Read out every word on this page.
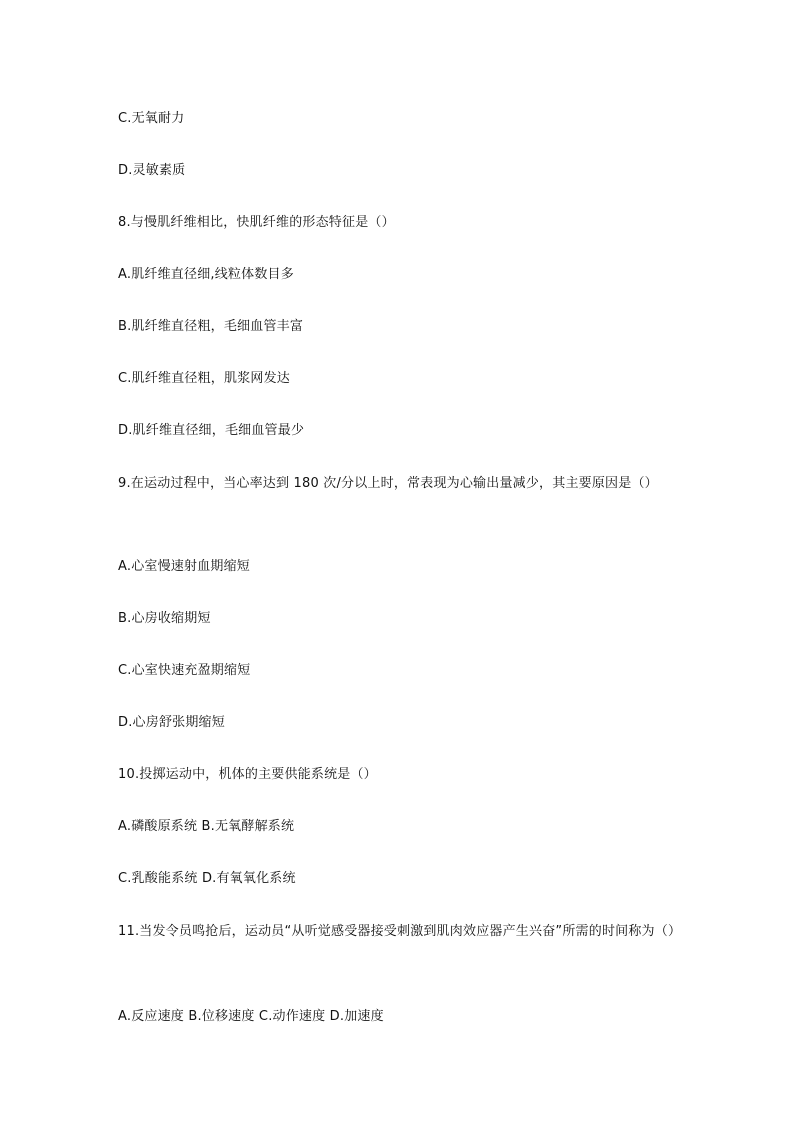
C.无氧耐力
D.灵敏素质
8.与慢肌纤维相比，快肌纤维的形态特征是（）
A.肌纤维直径细,线粒体数目多
B.肌纤维直径粗，毛细血管丰富
C.肌纤维直径粗，肌浆网发达
D.肌纤维直径细，毛细血管最少
9.在运动过程中，当心率达到 180 次/分以上时，常表现为心输出量减少，其主要原因是（）
A.心室慢速射血期缩短
B.心房收缩期短
C.心室快速充盈期缩短
D.心房舒张期缩短
10.投掷运动中，机体的主要供能系统是（）
A.磷酸原系统 B.无氧酵解系统
C.乳酸能系统 D.有氧氧化系统
11.当发令员鸣抢后，运动员“从听觉感受器接受刺激到肌肉效应器产生兴奋”所需的时间称为（）
A.反应速度 B.位移速度 C.动作速度 D.加速度
